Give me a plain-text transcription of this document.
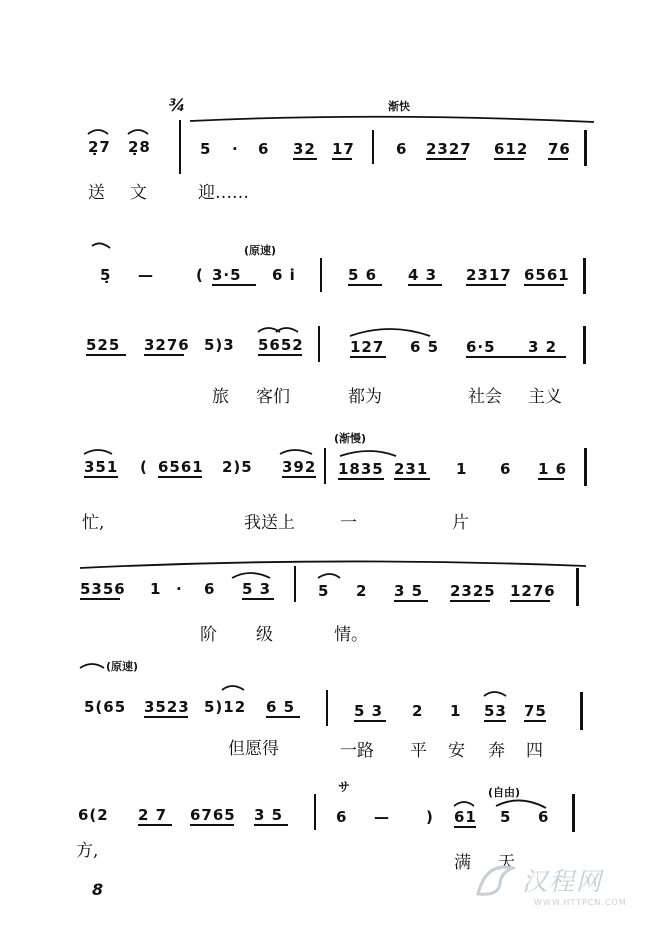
¾	渐快
2̣7 2̣8	5 · 6 32 17	6 2327 612 76
送 文	迎……
(原速)
5̣ —	( 3·5 6 i	5 6 4 3 2317 6561
525 3276 5)3 5652	127 6 5 6·5 3 2
旅 客们	都为	社会 主义
(渐慢)
351 ( 6561 2)5 392 1835 231 1 6 1 6
忙,	我送上	一	片
5356 1 · 6 5 3	5 2 3 5 2325 1276
阶 级	情。
(原速)
5(65 3523 5)12 6 5	5 3 2 1 53 75
但愿得	一路 平 安 奔 四
(自由)
サ
6(2 2 7 6765 3 5	6 — ) 61 5 6
方,
满 天
8	汉程网
WWW.HTTPCN.COM
